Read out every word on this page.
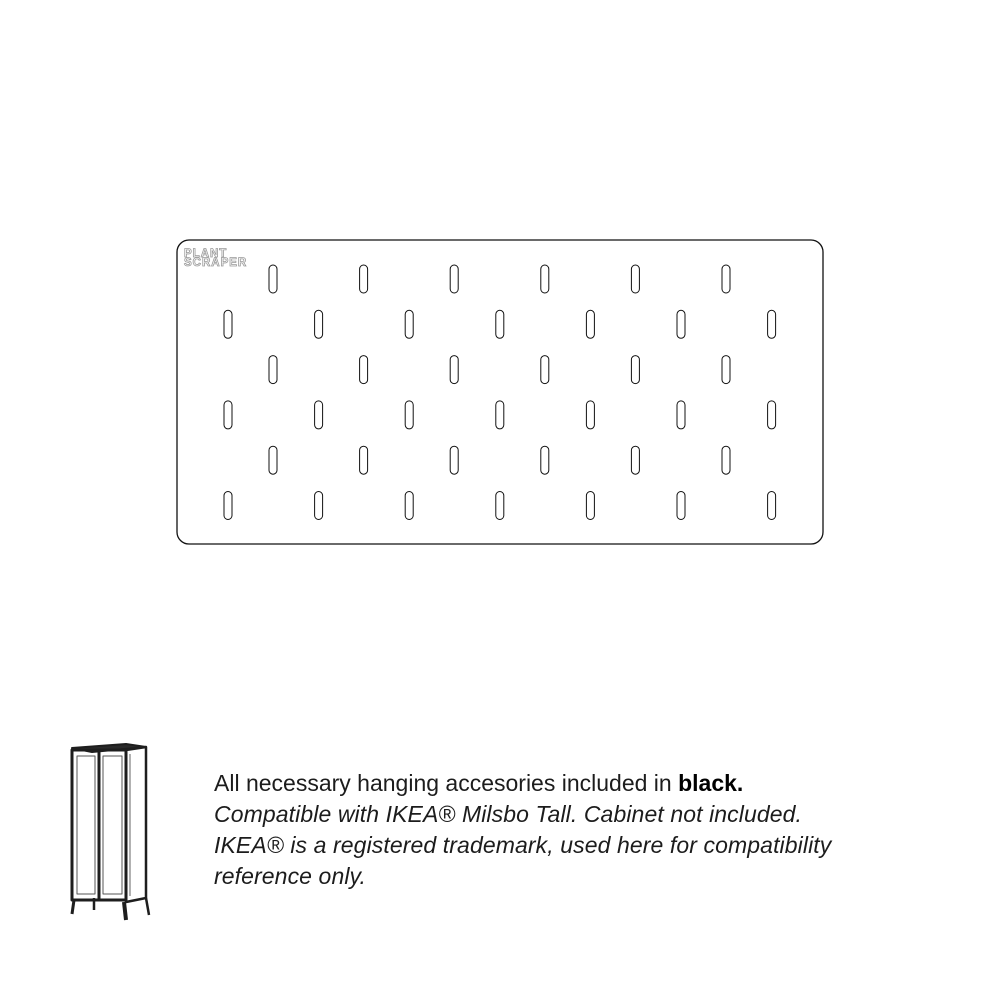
PLANT
SCRAPER
All necessary hanging accesories included in black.
Compatible with IKEA® Milsbo Tall. Cabinet not included.
IKEA® is a registered trademark, used here for compatibility
reference only.
